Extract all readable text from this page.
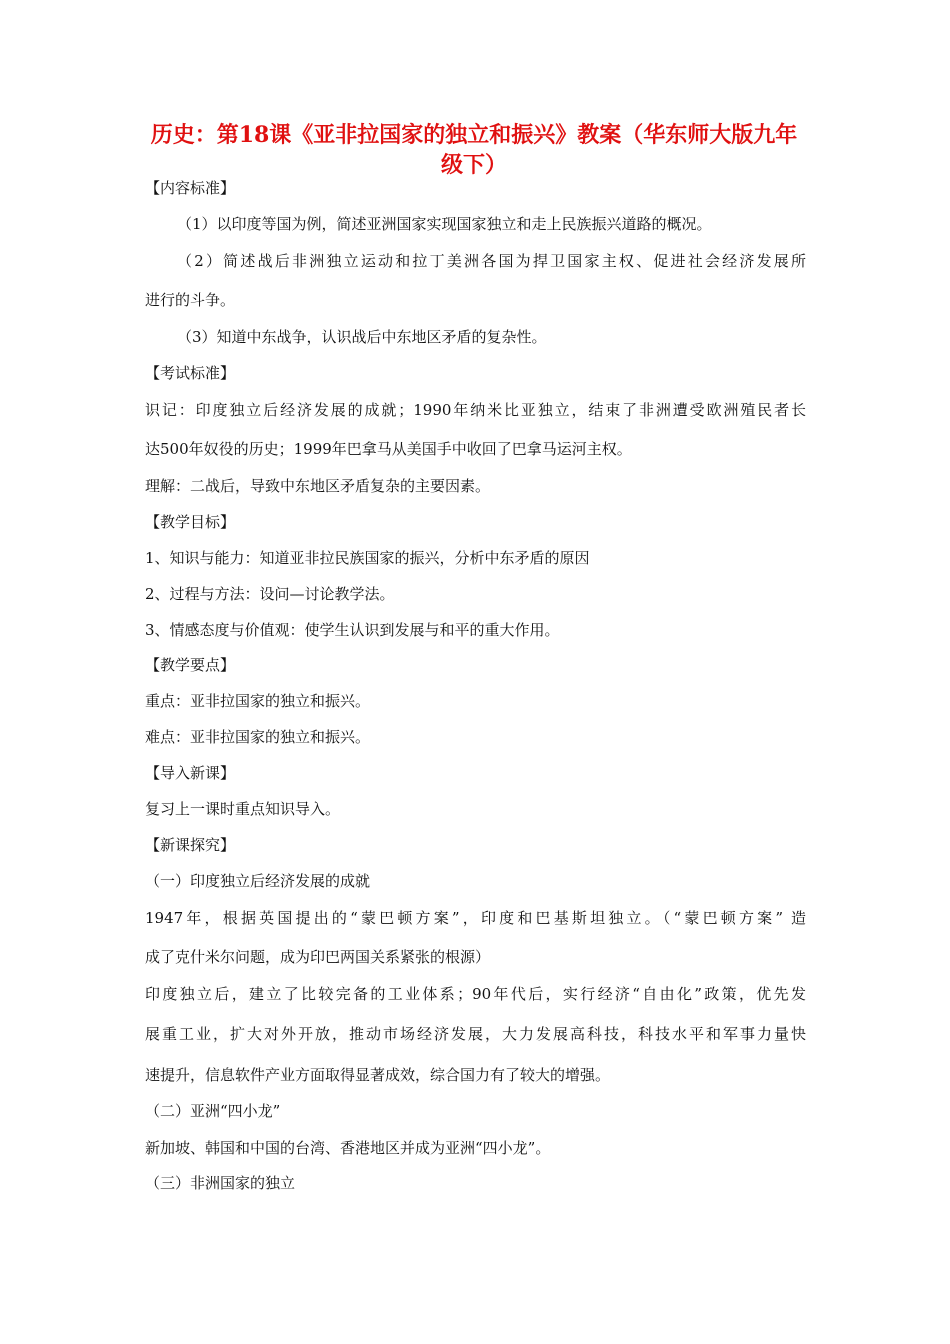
历史：第18课《亚非拉国家的独立和振兴》教案（华东师大版九年
级下）
【内容标准】
（1）以印度等国为例，简述亚洲国家实现国家独立和走上民族振兴道路的概况。
（2）简述战后非洲独立运动和拉丁美洲各国为捍卫国家主权、促进社会经济发展所
进行的斗争。
（3）知道中东战争，认识战后中东地区矛盾的复杂性。
【考试标准】
识记：印度独立后经济发展的成就；1990年纳米比亚独立，结束了非洲遭受欧洲殖民者长
达500年奴役的历史；1999年巴拿马从美国手中收回了巴拿马运河主权。
理解：二战后，导致中东地区矛盾复杂的主要因素。
【教学目标】
1、知识与能力：知道亚非拉民族国家的振兴，分析中东矛盾的原因
2、过程与方法：设问—讨论教学法。
3、情感态度与价值观：使学生认识到发展与和平的重大作用。
【教学要点】
重点：亚非拉国家的独立和振兴。
难点：亚非拉国家的独立和振兴。
【导入新课】
复习上一课时重点知识导入。
【新课探究】
（一）印度独立后经济发展的成就
1947年，根据英国提出的“蒙巴顿方案”，印度和巴基斯坦独立。（“蒙巴顿方案” 造
成了克什米尔问题，成为印巴两国关系紧张的根源）
印度独立后，建立了比较完备的工业体系；90年代后，实行经济“自由化”政策，优先发
展重工业，扩大对外开放，推动市场经济发展，大力发展高科技，科技水平和军事力量快
速提升，信息软件产业方面取得显著成效，综合国力有了较大的增强。
（二）亚洲“四小龙”
新加坡、韩国和中国的台湾、香港地区并成为亚洲“四小龙”。
（三）非洲国家的独立
